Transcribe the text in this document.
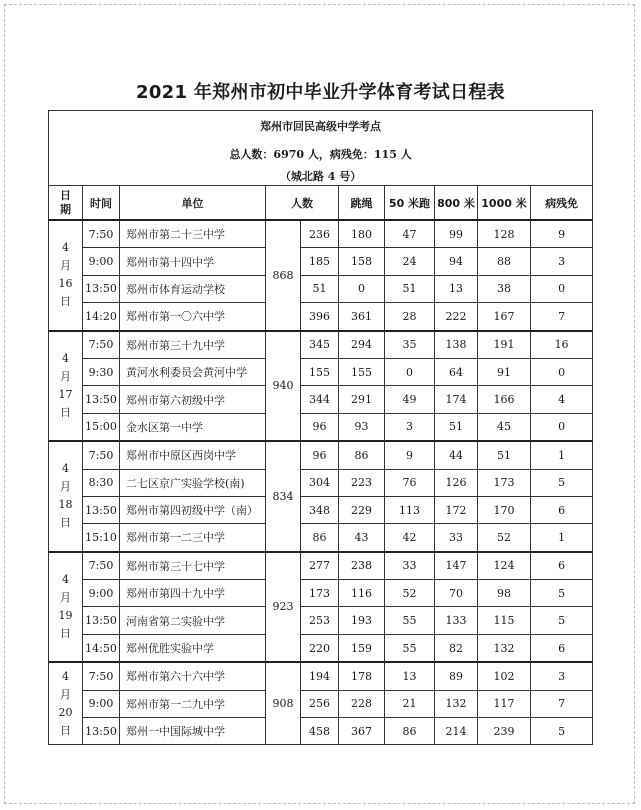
2021 年郑州市初中毕业升学体育考试日程表
郑州市回民高级中学考点									
总人数：6970 人，病残免：115 人									
（城北路 4 号）									

日
期	时间	单位	人数		跳绳	50 米跑	800 米	1000 米	病残免

4
月
16
日	7:50	郑州市第二十三中学	868	236	180	47	99	128	9
	9:00	郑州市第十四中学		185	158	24	94	88	3
	13:50	郑州市体育运动学校		51	0	51	13	38	0
	14:20	郑州市第一〇六中学		396	361	28	222	167	7

4
月
17
日	7:50	郑州市第三十九中学	940	345	294	35	138	191	16
	9:30	黄河水利委员会黄河中学		155	155	0	64	91	0
	13:50	郑州市第六初级中学		344	291	49	174	166	4
	15:00	金水区第一中学		96	93	3	51	45	0

4
月
18
日	7:50	郑州市中原区西岗中学	834	96	86	9	44	51	1
	8:30	二七区京广实验学校(南)		304	223	76	126	173	5
	13:50	郑州市第四初级中学（南）		348	229	113	172	170	6
	15:10	郑州市第一二三中学		86	43	42	33	52	1

4
月
19
日	7:50	郑州市第三十七中学	923	277	238	33	147	124	6
	9:00	郑州市第四十九中学		173	116	52	70	98	5
	13:50	河南省第二实验中学		253	193	55	133	115	5
	14:50	郑州优胜实验中学		220	159	55	82	132	6

4
月
20
日	7:50	郑州市第六十六中学	908	194	178	13	89	102	3
	9:00	郑州市第一二九中学		256	228	21	132	117	7
	13:50	郑州一中国际城中学		458	367	86	214	239	5
